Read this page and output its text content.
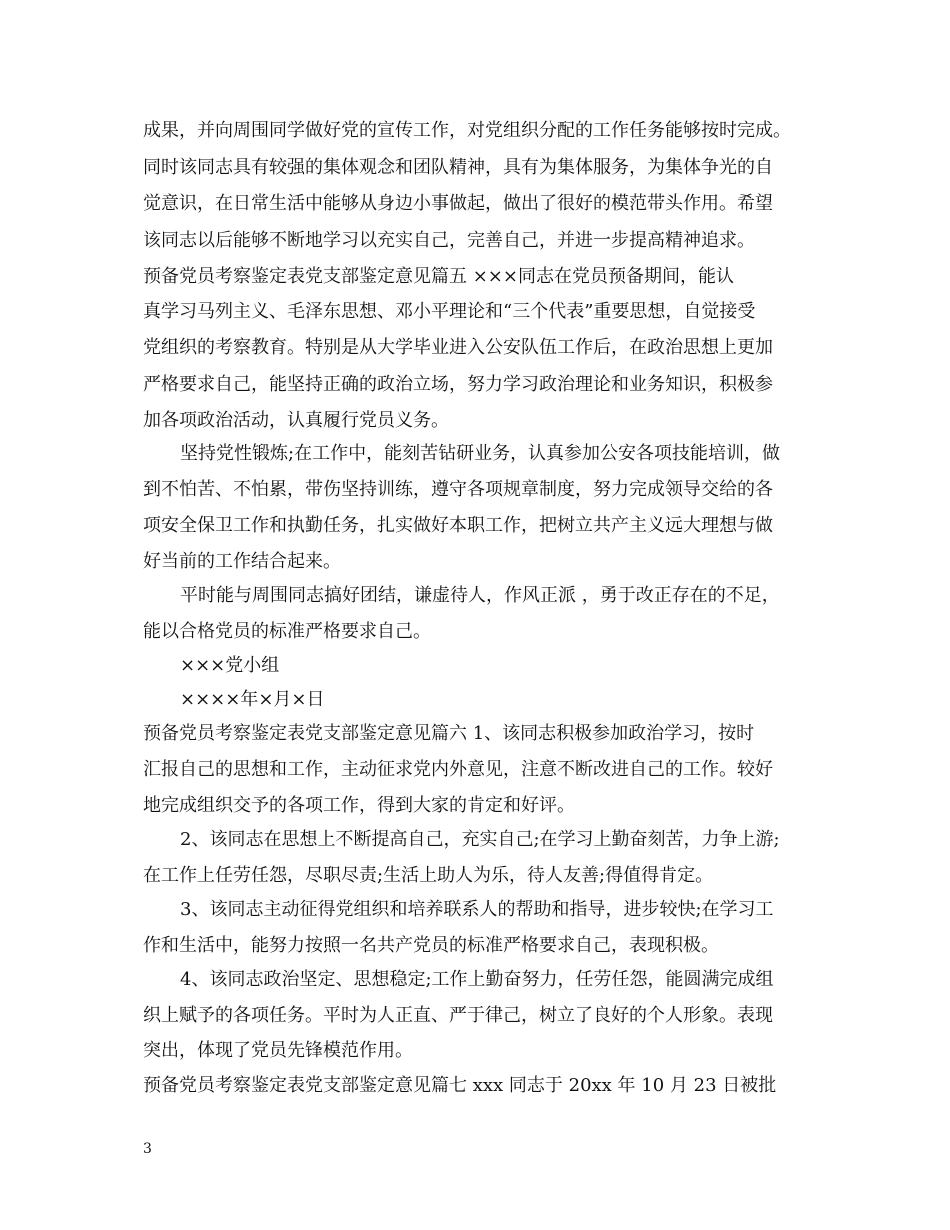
成果，并向周围同学做好党的宣传工作，对党组织分配的工作任务能够按时完成。
同时该同志具有较强的集体观念和团队精神，具有为集体服务，为集体争光的自
觉意识，在日常生活中能够从身边小事做起，做出了很好的模范带头作用。希望
该同志以后能够不断地学习以充实自己，完善自己，并进一步提高精神追求。
预备党员考察鉴定表党支部鉴定意见篇五 ×××同志在党员预备期间，能认
真学习马列主义、毛泽东思想、邓小平理论和“三个代表”重要思想，自觉接受
党组织的考察教育。特别是从大学毕业进入公安队伍工作后，在政治思想上更加
严格要求自己，能坚持正确的政治立场，努力学习政治理论和业务知识，积极参
加各项政治活动，认真履行党员义务。
坚持党性锻炼;在工作中，能刻苦钻研业务，认真参加公安各项技能培训，做
到不怕苦、不怕累，带伤坚持训练，遵守各项规章制度，努力完成领导交给的各
项安全保卫工作和执勤任务，扎实做好本职工作，把树立共产主义远大理想与做
好当前的工作结合起来。
平时能与周围同志搞好团结，谦虚待人，作风正派 ，勇于改正存在的不足，
能以合格党员的标准严格要求自己。
×××党小组
××××年×月×日
预备党员考察鉴定表党支部鉴定意见篇六 1、该同志积极参加政治学习，按时
汇报自己的思想和工作，主动征求党内外意见，注意不断改进自己的工作。较好
地完成组织交予的各项工作，得到大家的肯定和好评。
2、该同志在思想上不断提高自己，充实自己;在学习上勤奋刻苦，力争上游;
在工作上任劳任怨，尽职尽责;生活上助人为乐，待人友善;得值得肯定。
3、该同志主动征得党组织和培养联系人的帮助和指导，进步较快;在学习工
作和生活中，能努力按照一名共产党员的标准严格要求自己，表现积极。
4、该同志政治坚定、思想稳定;工作上勤奋努力，任劳任怨，能圆满完成组
织上赋予的各项任务。平时为人正直、严于律己，树立了良好的个人形象。表现
突出，体现了党员先锋模范作用。
预备党员考察鉴定表党支部鉴定意见篇七 xxx 同志于 20xx 年 10 月 23 日被批
3
